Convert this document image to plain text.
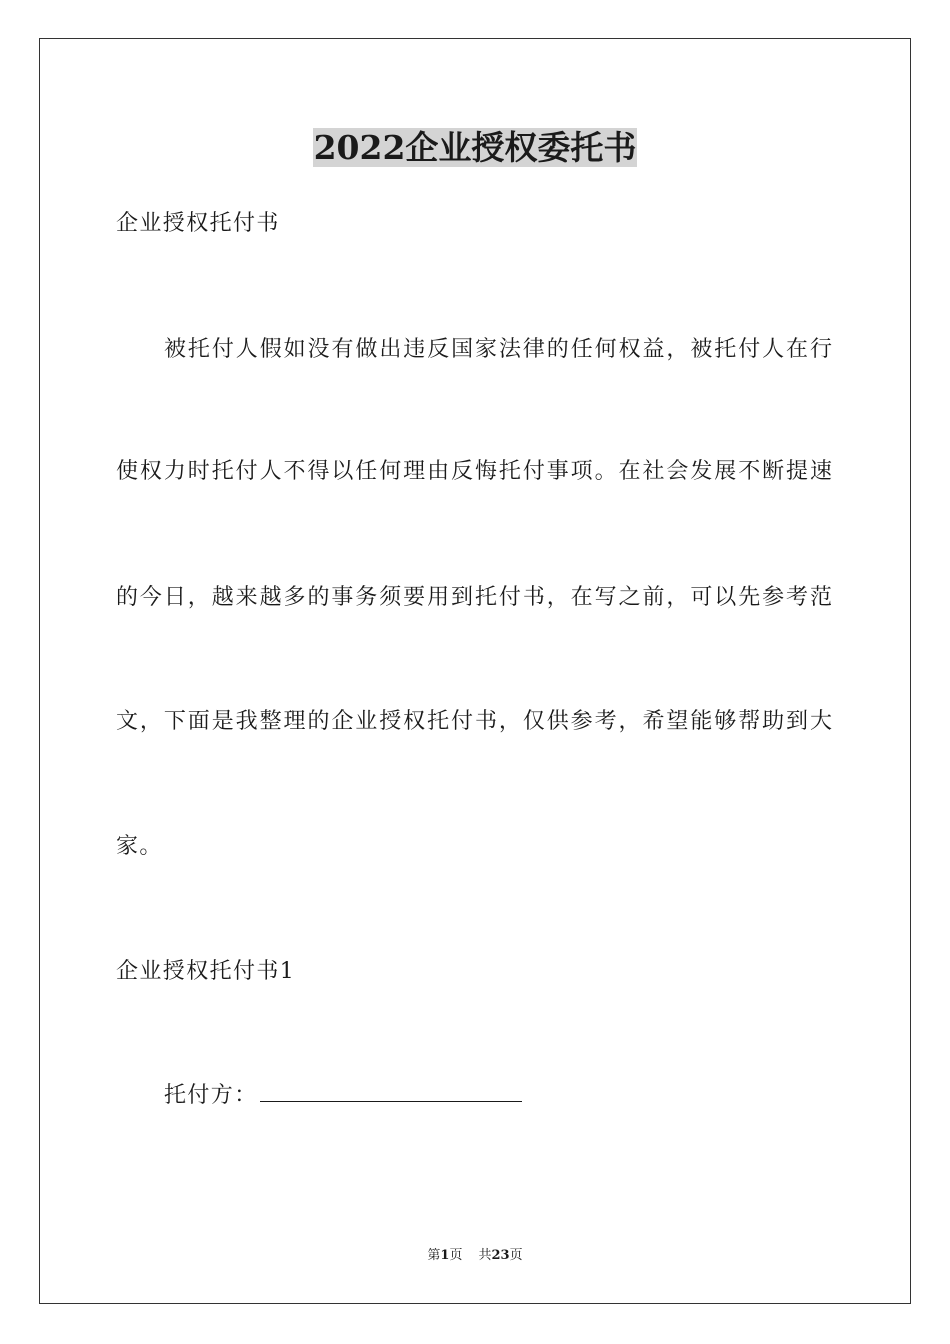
2022企业授权委托书
企业授权托付书
被托付人假如没有做出违反国家法律的任何权益，被托付人在行
使权力时托付人不得以任何理由反悔托付事项。在社会发展不断提速
的今日，越来越多的事务须要用到托付书，在写之前，可以先参考范
文，下面是我整理的企业授权托付书，仅供参考，希望能够帮助到大
家。
企业授权托付书1
托付方：
第1页 共23页
